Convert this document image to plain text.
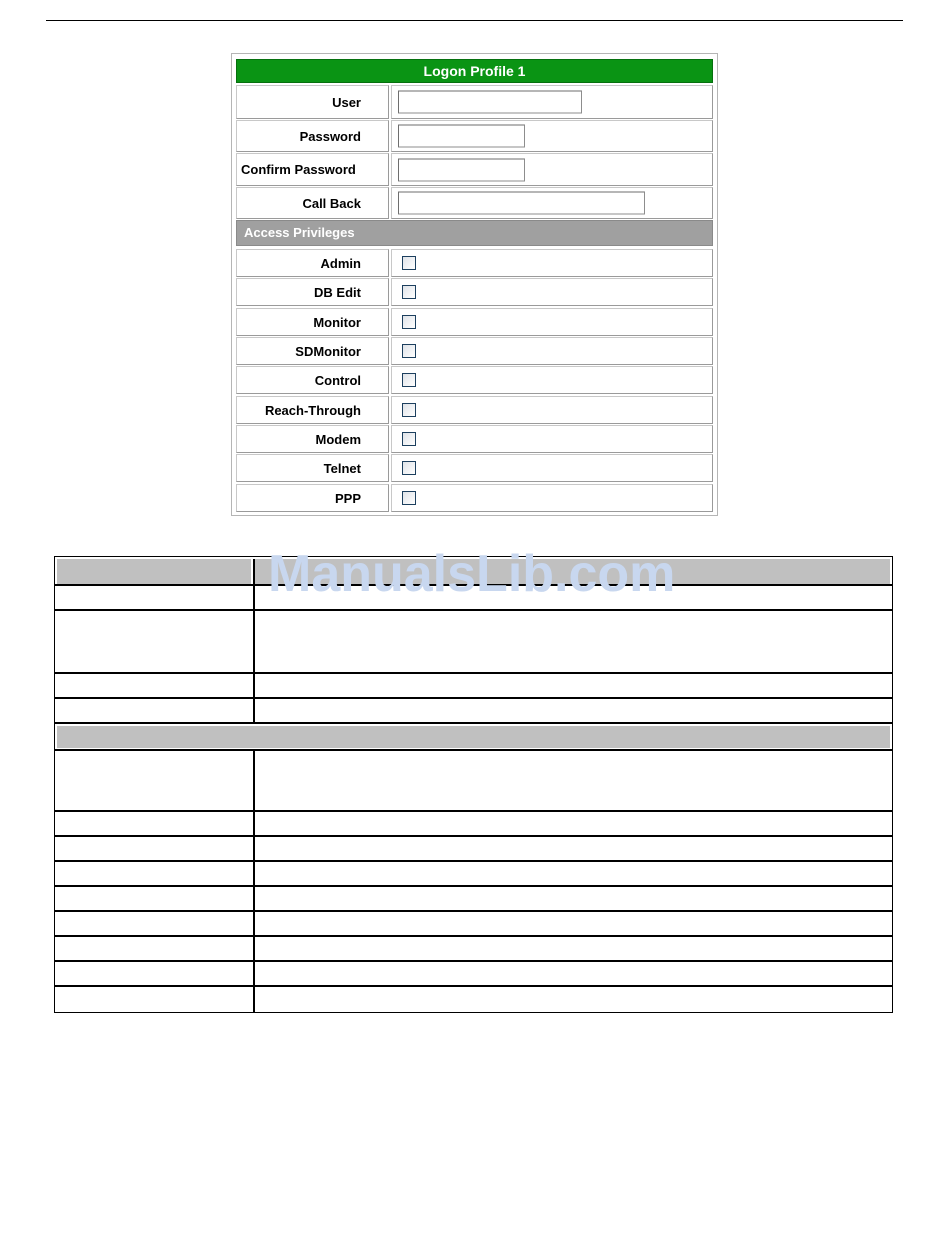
Logon Profile 1
User
Password
Confirm Password
Call Back
Access Privileges
Admin
DB Edit
Monitor
SDMonitor
Control
Reach-Through
Modem
Telnet
PPP
ManualsLib.com
